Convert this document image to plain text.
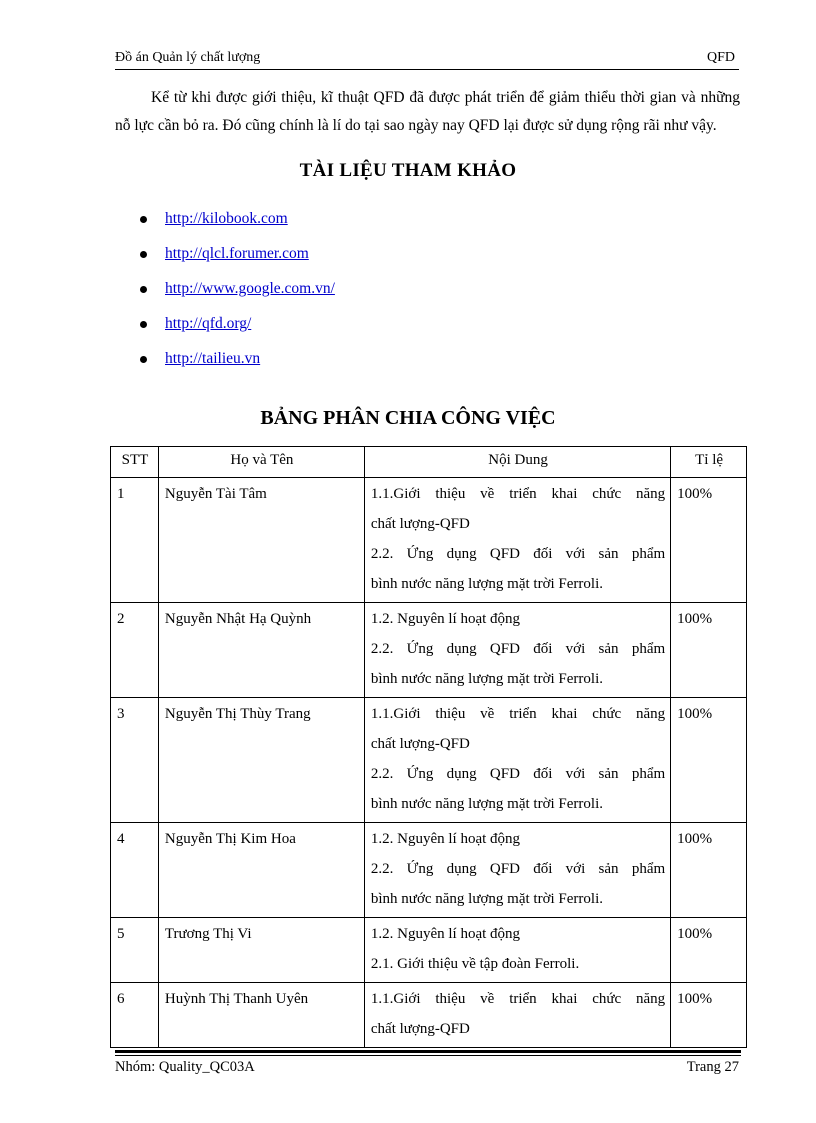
Đồ án Quản lý chất lượng	QFD

Kể từ khi được giới thiệu, kĩ thuật QFD đã được phát triển để giảm thiểu thời gian và những nỗ lực cần bỏ ra. Đó cũng chính là lí do tại sao ngày nay QFD lại được sử dụng rộng rãi như vậy.

TÀI LIỆU THAM KHẢO
http://kilobook.com
http://qlcl.forumer.com
http://www.google.com.vn/
http://qfd.org/
http://tailieu.vn
BẢNG PHÂN CHIA CÔNG VIỆC
STT	Họ và Tên	Nội Dung	Tỉ lệ
1	Nguyễn Tài Tâm	1.1.Giới thiệu về triển khai chức năng
chất lượng-QFD
2.2. Ứng dụng QFD đối với sản phẩm
bình nước năng lượng mặt trời Ferroli.	100%
2	Nguyễn Nhật Hạ Quỳnh	1.2. Nguyên lí hoạt động
2.2. Ứng dụng QFD đối với sản phẩm
bình nước năng lượng mặt trời Ferroli.	100%
3	Nguyễn Thị Thùy Trang	1.1.Giới thiệu về triển khai chức năng
chất lượng-QFD
2.2. Ứng dụng QFD đối với sản phẩm
bình nước năng lượng mặt trời Ferroli.	100%
4	Nguyễn Thị Kim Hoa	1.2. Nguyên lí hoạt động
2.2. Ứng dụng QFD đối với sản phẩm
bình nước năng lượng mặt trời Ferroli.	100%
5	Trương Thị Vi	1.2. Nguyên lí hoạt động
2.1. Giới thiệu về tập đoàn Ferroli.	100%
6	Huỳnh Thị Thanh Uyên	1.1.Giới thiệu về triển khai chức năng
chất lượng-QFD	100%
Nhóm: Quality_QC03A	Trang 27
